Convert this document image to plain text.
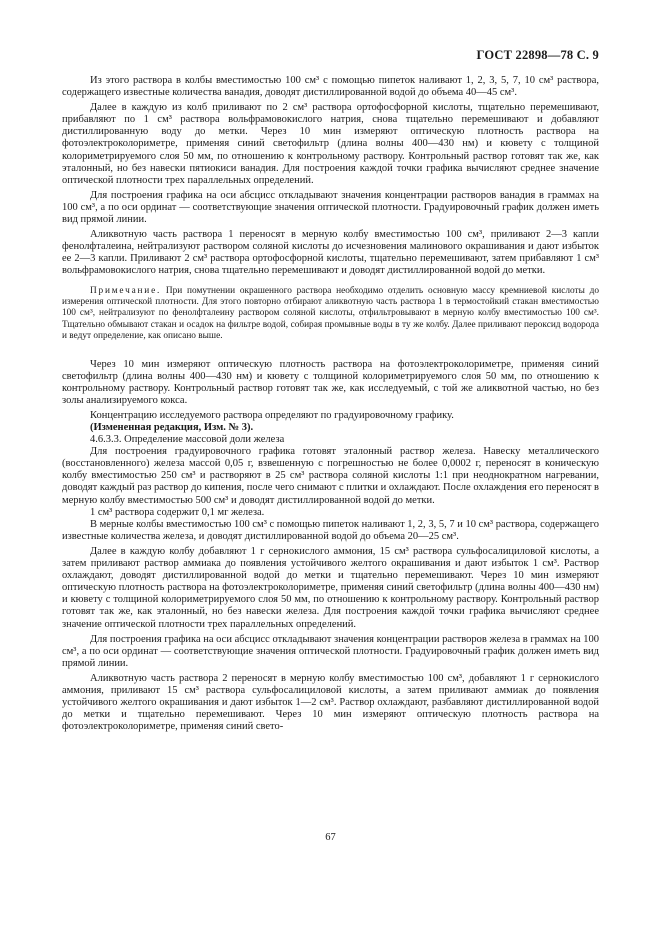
ГОСТ 22898—78 С. 9

Из этого раствора в колбы вместимостью 100 см³ с помощью пипеток наливают 1, 2, 3, 5, 7, 10 см³ раствора, содержащего известные количества ванадия, доводят дистиллированной водой до объема 40—45 см³.

Далее в каждую из колб приливают по 2 см³ раствора ортофосфорной кислоты, тщательно перемешивают, прибавляют по 1 см³ раствора вольфрамовокислого натрия, снова тщательно перемешивают и добавляют дистиллированную воду до метки. Через 10 мин измеряют оптическую плотность раствора на фотоэлектроколориметре, применяя синий светофильтр (длина волны 400—430 нм) и кювету с толщиной колориметрируемого слоя 50 мм, по отношению к контрольному раствору. Контрольный раствор готовят так же, как эталонный, но без навески пятиокиси ванадия. Для построения каждой точки графика вычисляют среднее значение оптической плотности трех параллельных определений.

Для построения графика на оси абсцисс откладывают значения концентрации растворов ванадия в граммах на 100 см³, а по оси ординат — соответствующие значения оптической плотности. Градуировочный график должен иметь вид прямой линии.

Аликвотную часть раствора 1 переносят в мерную колбу вместимостью 100 см³, приливают 2—3 капли фенолфталеина, нейтрализуют раствором соляной кислоты до исчезновения малинового окрашивания и дают избыток ее 2—3 капли. Приливают 2 см³ раствора ортофосфорной кислоты, тщательно перемешивают, затем прибавляют 1 см³ вольфрамовокислого натрия, снова тщательно перемешивают и доводят дистиллированной водой до метки.

Примечание. При помутнении окрашенного раствора необходимо отделить основную массу кремниевой кислоты до измерения оптической плотности. Для этого повторно отбирают аликвотную часть раствора 1 в термостойкий стакан вместимостью 100 см³, нейтрализуют по фенолфталеину раствором соляной кислоты, отфильтровывают в мерную колбу вместимостью 100 см³. Тщательно обмывают стакан и осадок на фильтре водой, собирая промывные воды в ту же колбу. Далее приливают пероксид водорода и ведут определение, как описано выше.

Через 10 мин измеряют оптическую плотность раствора на фотоэлектроколориметре, применяя синий светофильтр (длина волны 400—430 нм) и кювету с толщиной колориметрируемого слоя 50 мм, по отношению к контрольному раствору. Контрольный раствор готовят так же, как исследуемый, с той же аликвотной частью, но без золы анализируемого кокса.

Концентрацию исследуемого раствора определяют по градуировочному графику.

(Измененная редакция, Изм. № 3).

4.6.3.3. Определение массовой доли железа

Для построения градуировочного графика готовят эталонный раствор железа. Навеску металлического (восстановленного) железа массой 0,05 г, взвешенную с погрешностью не более 0,0002 г, переносят в коническую колбу вместимостью 250 см³ и растворяют в 25 см³ раствора соляной кислоты 1:1 при неоднократном нагревании, доводят каждый раз раствор до кипения, после чего снимают с плитки и охлаждают. После охлаждения его переносят в мерную колбу вместимостью 500 см³ и доводят дистиллированной водой до метки.

1 см³ раствора содержит 0,1 мг железа.

В мерные колбы вместимостью 100 см³ с помощью пипеток наливают 1, 2, 3, 5, 7 и 10 см³ раствора, содержащего известные количества железа, и доводят дистиллированной водой до объема 20—25 см³.

Далее в каждую колбу добавляют 1 г сернокислого аммония, 15 см³ раствора сульфосалициловой кислоты, а затем приливают раствор аммиака до появления устойчивого желтого окрашивания и дают избыток 1 см³. Раствор охлаждают, доводят дистиллированной водой до метки и тщательно перемешивают. Через 10 мин измеряют оптическую плотность раствора на фотоэлектроколориметре, применяя синий светофильтр (длина волны 400—430 нм) и кювету с толщиной колориметрируемого слоя 50 мм, по отношению к контрольному раствору. Контрольный раствор готовят так же, как эталонный, но без навески железа. Для построения каждой точки графика вычисляют среднее значение оптической плотности трех параллельных определений.

Для построения графика на оси абсцисс откладывают значения концентрации растворов железа в граммах на 100 см³, а по оси ординат — соответствующие значения оптической плотности. Градуировочный график должен иметь вид прямой линии.

Аликвотную часть раствора 2 переносят в мерную колбу вместимостью 100 см³, добавляют 1 г сернокислого аммония, приливают 15 см³ раствора сульфосалициловой кислоты, а затем приливают аммиак до появления устойчивого желтого окрашивания и дают избыток 1—2 см³. Раствор охлаждают, разбавляют дистиллированной водой до метки и тщательно перемешивают. Через 10 мин измеряют оптическую плотность раствора на фотоэлектроколориметре, применяя синий свето-

67
